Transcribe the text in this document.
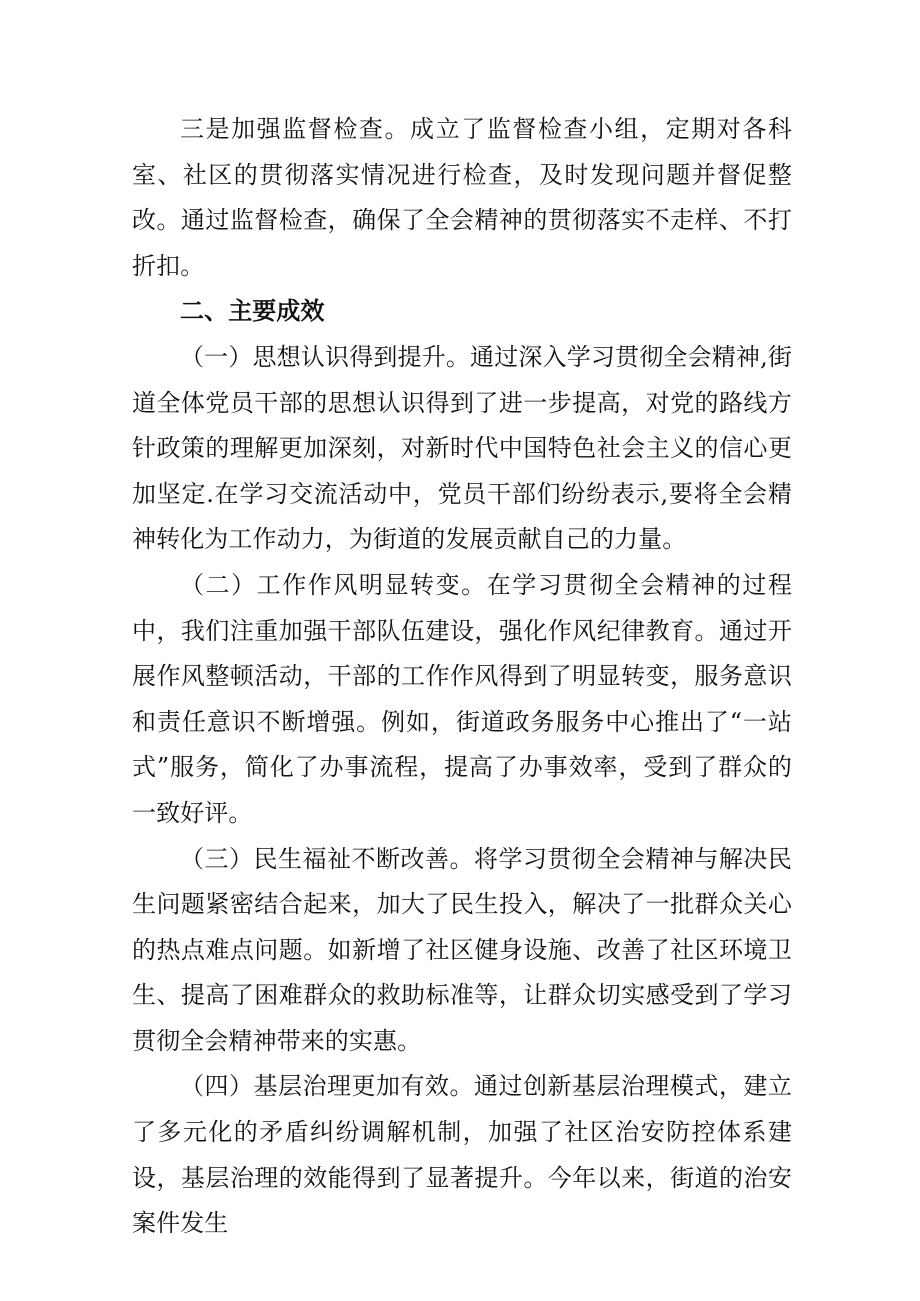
三是加强监督检查。成立了监督检查小组，定期对各科室、社区的贯彻落实情况进行检查，及时发现问题并督促整改。通过监督检查，确保了全会精神的贯彻落实不走样、不打折扣。

二、主要成效

（一）思想认识得到提升。通过深入学习贯彻全会精神,街道全体党员干部的思想认识得到了进一步提高，对党的路线方针政策的理解更加深刻，对新时代中国特色社会主义的信心更加坚定.在学习交流活动中，党员干部们纷纷表示,要将全会精神转化为工作动力，为街道的发展贡献自己的力量。

（二）工作作风明显转变。在学习贯彻全会精神的过程中，我们注重加强干部队伍建设，强化作风纪律教育。通过开展作风整顿活动，干部的工作作风得到了明显转变，服务意识和责任意识不断增强。例如，街道政务服务中心推出了“一站式”服务，简化了办事流程，提高了办事效率，受到了群众的一致好评。

（三）民生福祉不断改善。将学习贯彻全会精神与解决民生问题紧密结合起来，加大了民生投入，解决了一批群众关心的热点难点问题。如新增了社区健身设施、改善了社区环境卫生、提高了困难群众的救助标准等，让群众切实感受到了学习贯彻全会精神带来的实惠。

（四）基层治理更加有效。通过创新基层治理模式，建立了多元化的矛盾纠纷调解机制，加强了社区治安防控体系建设，基层治理的效能得到了显著提升。今年以来，街道的治安案件发生
